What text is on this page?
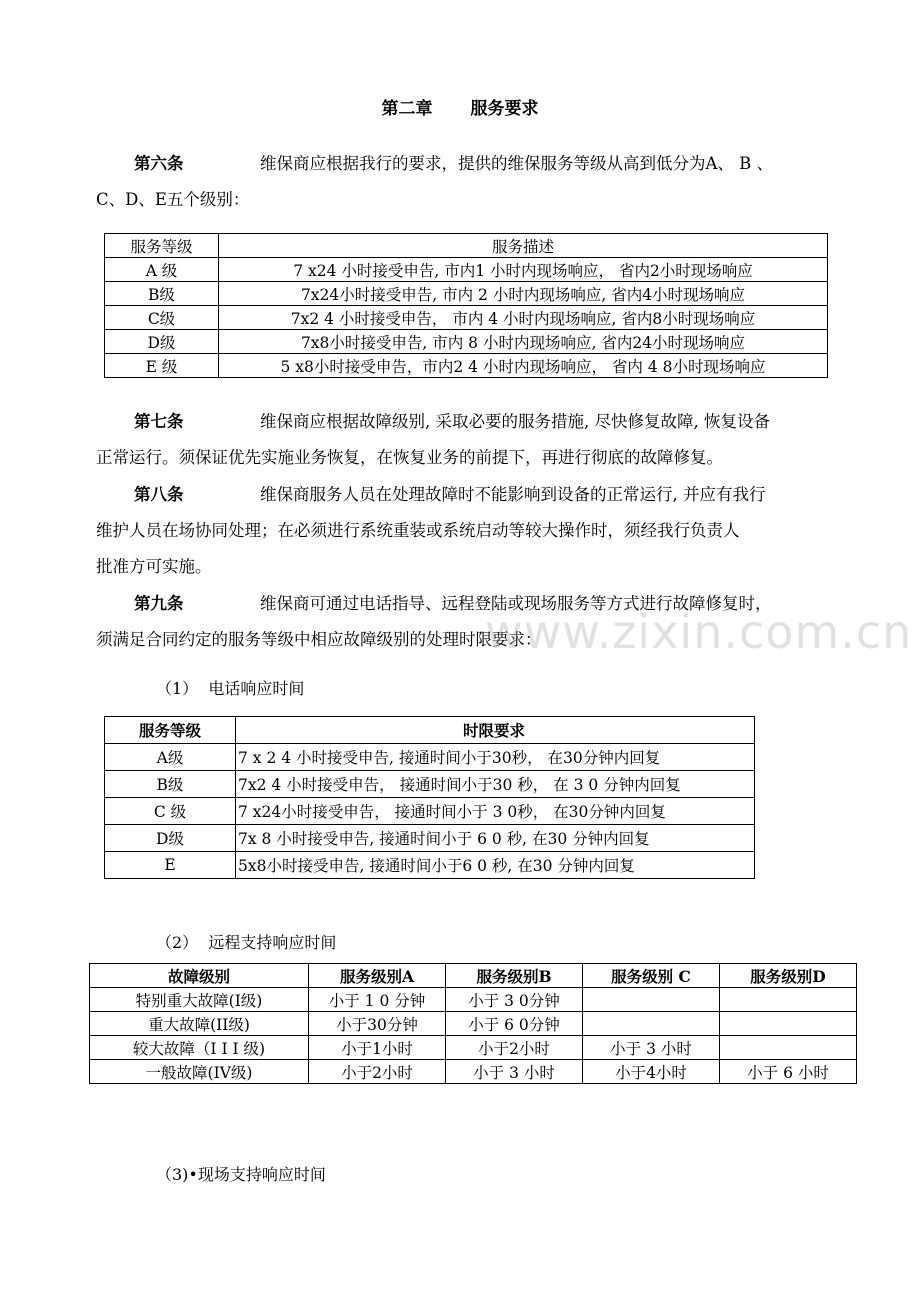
第二章 服务要求
第六条	维保商应根据我行的要求，提供的维保服务等级从高到低分为A、 B 、
C、D、E五个级别：
服务等级	服务描述
A 级	7 x24 小时接受申告, 市内1 小时内现场响应， 省内2小时现场响应
B级	7x24小时接受申告, 市内 2 小时内现场响应, 省内4小时现场响应
C级	7x2 4 小时接受申告， 市内 4 小时内现场响应, 省内8小时现场响应
D级	7x8小时接受申告, 市内 8 小时内现场响应, 省内24小时现场响应
E 级	5 x8小时接受申告，市内2 4 小时内现场响应， 省内 4 8小时现场响应
第七条	维保商应根据故障级别, 采取必要的服务措施, 尽快修复故障, 恢复设备
正常运行。须保证优先实施业务恢复，在恢复业务的前提下，再进行彻底的故障修复。
第八条	维保商服务人员在处理故障时不能影响到设备的正常运行, 并应有我行
维护人员在场协同处理；在必须进行系统重装或系统启动等较大操作时，须经我行负责人
批准方可实施。
第九条	维保商可通过电话指导、远程登陆或现场服务等方式进行故障修复时，
须满足合同约定的服务等级中相应故障级别的处理时限要求：
www.zixin.com.cn
（1） 电话响应时间
服务等级	时限要求
A级	7 x 2 4 小时接受申告, 接通时间小于30秒， 在30分钟内回复
B级	7x2 4 小时接受申告， 接通时间小于30 秒， 在 3 0 分钟内回复
C 级	7 x24小时接受申告， 接通时间小于 3 0秒， 在30分钟内回复
D级	7x 8 小时接受申告, 接通时间小于 6 0 秒, 在30 分钟内回复
E	5x8小时接受申告, 接通时间小于6 0 秒, 在30 分钟内回复
（2） 远程支持响应时间
故障级别	服务级别A	服务级别B	服务级别 C	服务级别D
特别重大故障(I级)	小于 1 0 分钟	小于 3 0分钟		
重大故障(II级)	小于30分钟	小于 6 0分钟		
较大故障（I I I 级)	小于1小时	小于2小时	小于 3 小时	
一般故障(IV级)	小于2小时	小于 3 小时	小于4小时	小于 6 小时
（3)•现场支持响应时间
